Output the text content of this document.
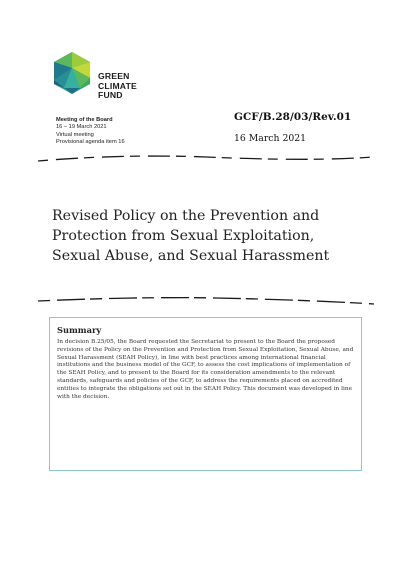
GREEN
CLIMATE
FUND
Meeting of the Board
16 – 19 March 2021
Virtual meeting
Provisional agenda item 16
GCF/B.28/03/Rev.01
16 March 2021
Revised Policy on the Prevention and
Protection from Sexual Exploitation,
Sexual Abuse, and Sexual Harassment
Summary
In decision B.25/05, the Board requested the Secretariat to present to the Board the proposed revisions of the Policy on the Prevention and Protection from Sexual Exploitation, Sexual Abuse, and Sexual Harassment (SEAH Policy), in line with best practices among international financial institutions and the business model of the GCF, to assess the cost implications of implementation of the SEAH Policy, and to present to the Board for its consideration amendments to the relevant standards, safeguards and policies of the GCF, to address the requirements placed on accredited entities to integrate the obligations set out in the SEAH Policy. This document was developed in line with the decision.
